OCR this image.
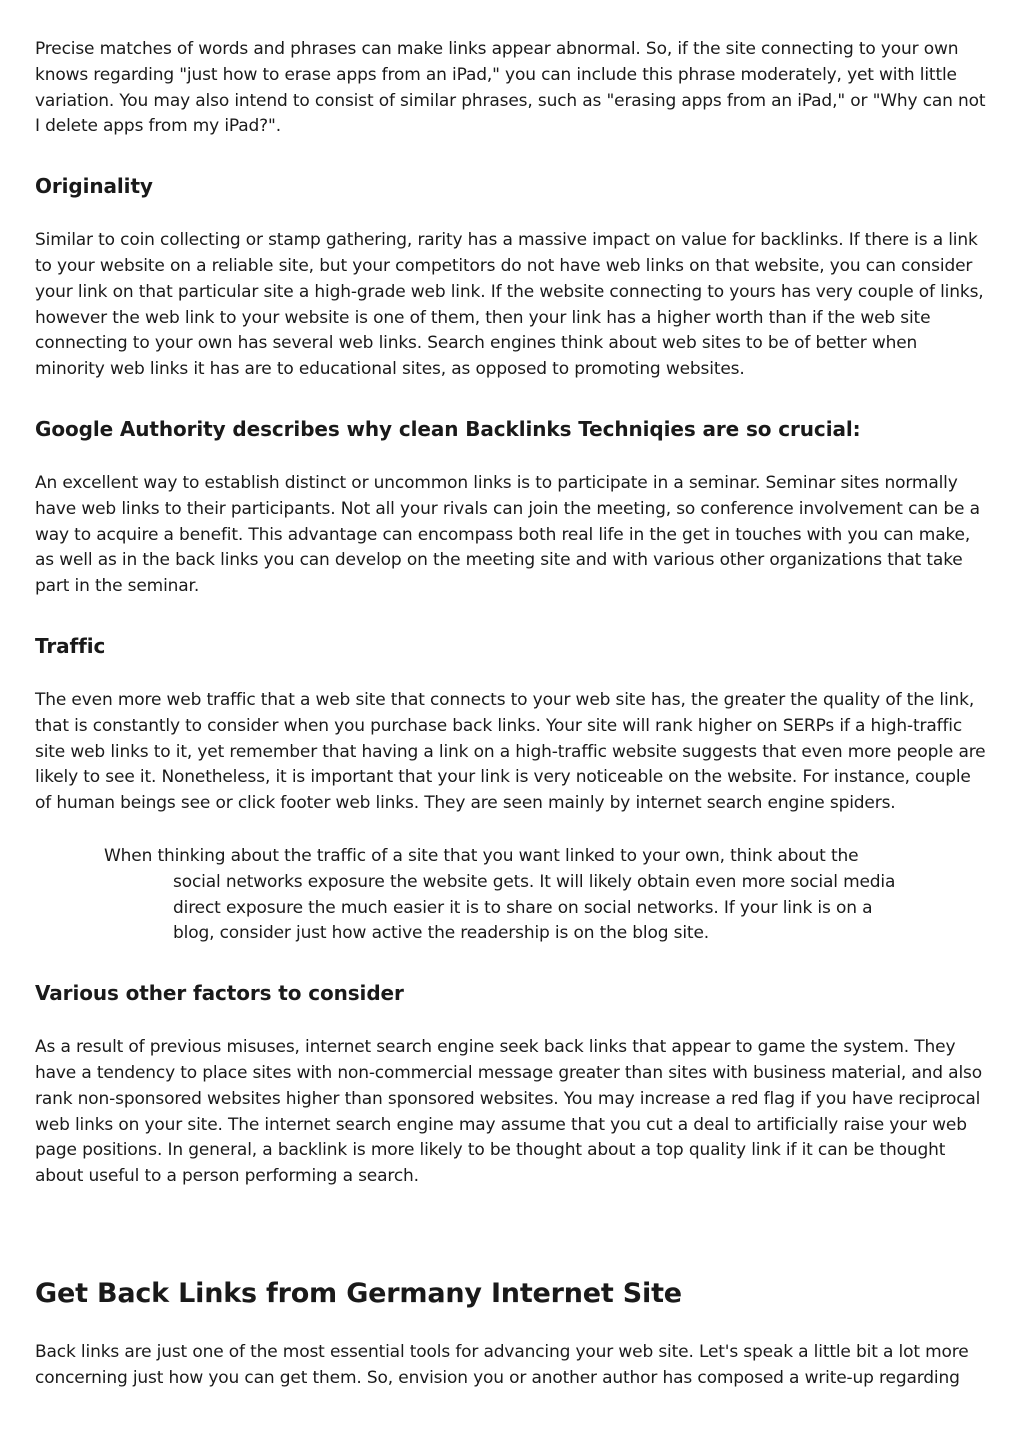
Precise matches of words and phrases can make links appear abnormal. So, if the site connecting to your own knows regarding "just how to erase apps from an iPad," you can include this phrase moderately, yet with little variation. You may also intend to consist of similar phrases, such as "erasing apps from an iPad," or "Why can not I delete apps from my iPad?".

Originality

Similar to coin collecting or stamp gathering, rarity has a massive impact on value for backlinks. If there is a link to your website on a reliable site, but your competitors do not have web links on that website, you can consider your link on that particular site a high-grade web link. If the website connecting to yours has very couple of links, however the web link to your website is one of them, then your link has a higher worth than if the web site connecting to your own has several web links. Search engines think about web sites to be of better when minority web links it has are to educational sites, as opposed to promoting websites.

Google Authority describes why clean Backlinks Techniqies are so crucial:

An excellent way to establish distinct or uncommon links is to participate in a seminar. Seminar sites normally have web links to their participants. Not all your rivals can join the meeting, so conference involvement can be a way to acquire a benefit. This advantage can encompass both real life in the get in touches with you can make, as well as in the back links you can develop on the meeting site and with various other organizations that take part in the seminar.

Traffic

The even more web traffic that a web site that connects to your web site has, the greater the quality of the link, that is constantly to consider when you purchase back links. Your site will rank higher on SERPs if a high-traffic site web links to it, yet remember that having a link on a high-traffic website suggests that even more people are likely to see it. Nonetheless, it is important that your link is very noticeable on the website. For instance, couple of human beings see or click footer web links. They are seen mainly by internet search engine spiders.

When thinking about the traffic of a site that you want linked to your own, think about the social networks exposure the website gets. It will likely obtain even more social media direct exposure the much easier it is to share on social networks. If your link is on a blog, consider just how active the readership is on the blog site.

Various other factors to consider

As a result of previous misuses, internet search engine seek back links that appear to game the system. They have a tendency to place sites with non-commercial message greater than sites with business material, and also rank non-sponsored websites higher than sponsored websites. You may increase a red flag if you have reciprocal web links on your site. The internet search engine may assume that you cut a deal to artificially raise your web page positions. In general, a backlink is more likely to be thought about a top quality link if it can be thought about useful to a person performing a search.

Get Back Links from Germany Internet Site

Back links are just one of the most essential tools for advancing your web site. Let's speak a little bit a lot more concerning just how you can get them. So, envision you or another author has composed a write-up regarding
